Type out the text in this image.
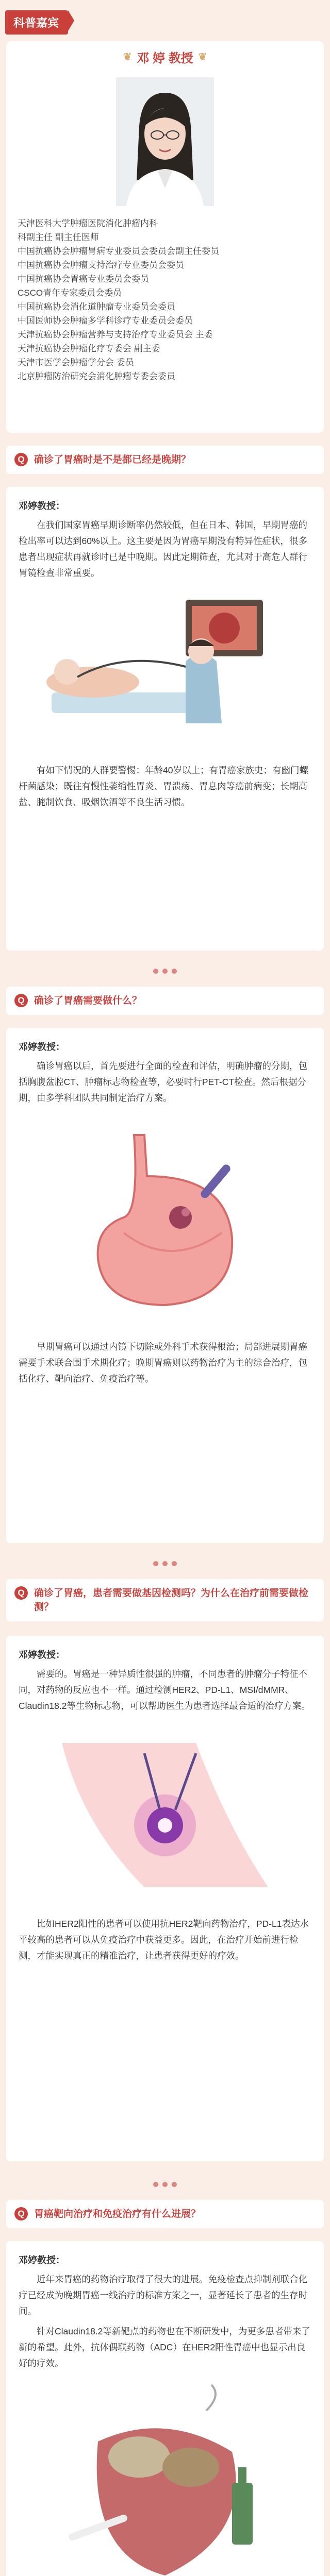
科普嘉宾
❦ 邓 婷 教授 ❦
天津医科大学肿瘤医院消化肿瘤内科
科副主任 副主任医师
中国抗癌协会肿瘤胃病专业委员会委员会副主任委员
中国抗癌协会肿瘤支持治疗专业委员会委员
中国抗癌协会胃癌专业委员会委员
CSCO青年专家委员会委员
中国抗癌协会消化道肿瘤专业委员会委员
中国医师协会肿瘤多学科诊疗专业委员会委员
天津抗癌协会肿瘤营养与支持治疗专业委员会 主委
天津抗癌协会肿瘤化疗专委会 副主委
天津市医学会肿瘤学分会 委员
北京肿瘤防治研究会消化肿瘤专委会委员
Q 确诊了胃癌时是不是都已经是晚期？
邓婷教授：

在我们国家胃癌早期诊断率仍然较低，但在日本、韩国，早期胃癌的检出率可以达到60%以上。这主要是因为胃癌早期没有特异性症状，很多患者出现症状再就诊时已是中晚期。因此定期筛查，尤其对于高危人群行胃镜检查非常重要。

有如下情况的人群要警惕：年龄40岁以上；有胃癌家族史；有幽门螺杆菌感染；既往有慢性萎缩性胃炎、胃溃疡、胃息肉等癌前病变；长期高盐、腌制饮食、吸烟饮酒等不良生活习惯。

Q 确诊了胃癌需要做什么？
邓婷教授：

确诊胃癌以后，首先要进行全面的检查和评估，明确肿瘤的分期，包括胸腹盆腔CT、肿瘤标志物检查等，必要时行PET-CT检查。然后根据分期，由多学科团队共同制定治疗方案。

早期胃癌可以通过内镜下切除或外科手术获得根治；局部进展期胃癌需要手术联合围手术期化疗；晚期胃癌则以药物治疗为主的综合治疗，包括化疗、靶向治疗、免疫治疗等。

Q 确诊了胃癌，患者需要做基因检测吗？为什么在治疗前需要做检测？
邓婷教授：

需要的。胃癌是一种异质性很强的肿瘤，不同患者的肿瘤分子特征不同，对药物的反应也不一样。通过检测HER2、PD-L1、MSI/dMMR、Claudin18.2等生物标志物，可以帮助医生为患者选择最合适的治疗方案。

比如HER2阳性的患者可以使用抗HER2靶向药物治疗，PD-L1表达水平较高的患者可以从免疫治疗中获益更多。因此，在治疗开始前进行检测，才能实现真正的精准治疗，让患者获得更好的疗效。

Q 胃癌靶向治疗和免疫治疗有什么进展？
邓婷教授：

近年来胃癌的药物治疗取得了很大的进展。免疫检查点抑制剂联合化疗已经成为晚期胃癌一线治疗的标准方案之一，显著延长了患者的生存时间。

针对Claudin18.2等新靶点的药物也在不断研发中，为更多患者带来了新的希望。此外，抗体偶联药物（ADC）在HER2阳性胃癌中也显示出良好的疗效。
